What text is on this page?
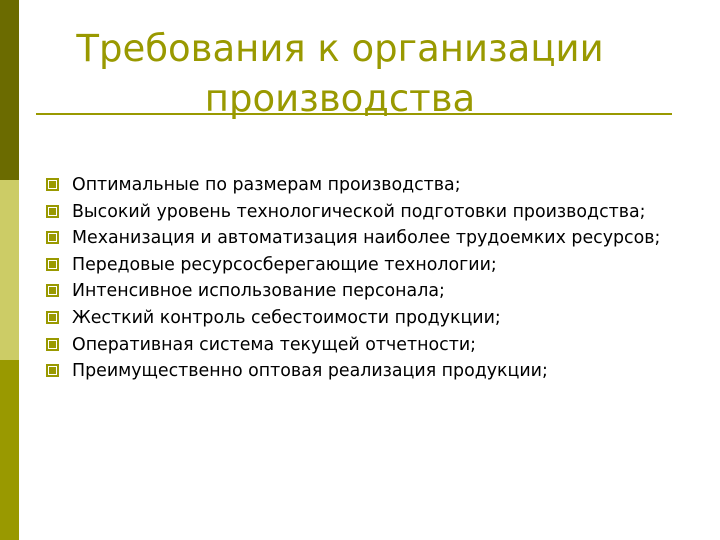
Требования к организации
производства
Оптимальные по размерам производства;
Высокий уровень технологической подготовки производства;
Механизация и автоматизация наиболее трудоемких ресурсов;
Передовые ресурсосберегающие технологии;
Интенсивное использование персонала;
Жесткий контроль себестоимости продукции;
Оперативная система текущей отчетности;
Преимущественно оптовая реализация продукции;
